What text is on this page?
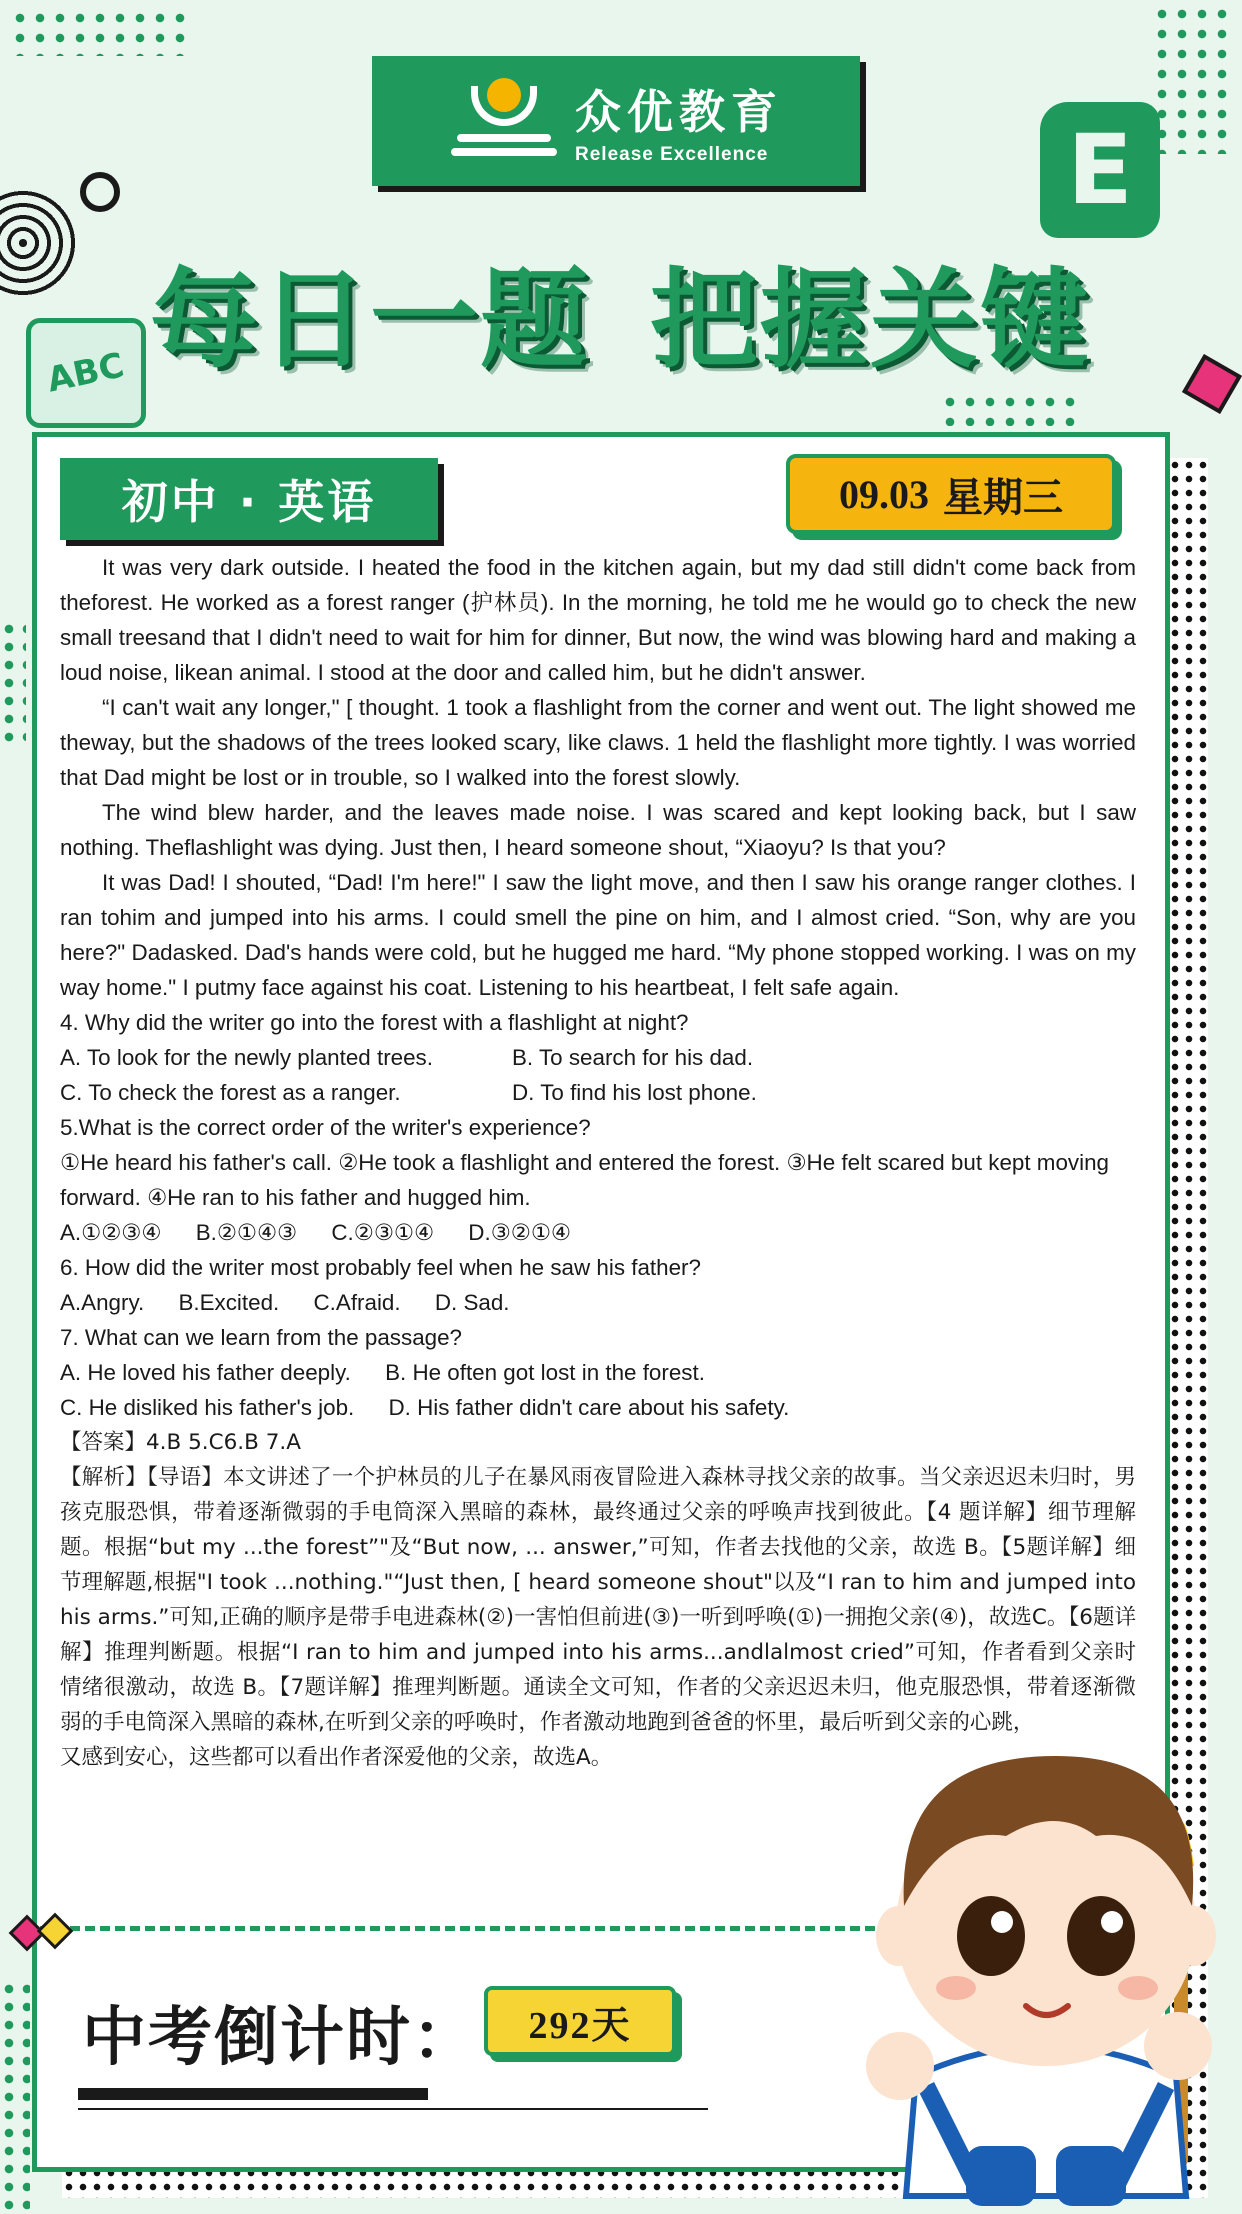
ABC
E
众优教育
Release Excellence
每日一题 把握关键
初中 · 英语	09.03 星期三

It was very dark outside. I heated the food in the kitchen again, but my dad still didn't come back from theforest. He worked as a forest ranger (护林员). In the morning, he told me he would go to check the new small treesand that I didn't need to wait for him for dinner, But now, the wind was blowing hard and making a loud noise, likean animal. I stood at the door and called him, but he didn't answer.

“I can't wait any longer," [ thought. 1 took a flashlight from the corner and went out. The light showed me theway, but the shadows of the trees looked scary, like claws. 1 held the flashlight more tightly. I was worried that Dad might be lost or in trouble, so I walked into the forest slowly.

The wind blew harder, and the leaves made noise. I was scared and kept looking back, but I saw nothing. Theflashlight was dying. Just then, I heard someone shout, “Xiaoyu? Is that you?

It was Dad! I shouted, “Dad! I'm here!" I saw the light move, and then I saw his orange ranger clothes. I ran tohim and jumped into his arms. I could smell the pine on him, and I almost cried. “Son, why are you here?" Dadasked. Dad's hands were cold, but he hugged me hard. “My phone stopped working. I was on my way home." I putmy face against his coat. Listening to his heartbeat, I felt safe again.

4. Why did the writer go into the forest with a flashlight at night?

A. To look for the newly planted trees.	B. To search for his dad.
C. To check the forest as a ranger.	D. To find his lost phone.

5.What is the correct order of the writer's experience?

①He heard his father's call. ②He took a flashlight and entered the forest. ③He felt scared but kept moving forward. ④He ran to his father and hugged him.

A.①②③④ B.②①④③ C.②③①④ D.③②①④

6. How did the writer most probably feel when he saw his father?

A.Angry. B.Excited. C.Afraid. D. Sad.

7. What can we learn from the passage?

A. He loved his father deeply. B. He often got lost in the forest.

C. He disliked his father's job. D. His father didn't care about his safety.

【答案】4.B 5.C6.B 7.A

【解析】【导语】本文讲述了一个护林员的儿子在暴风雨夜冒险进入森林寻找父亲的故事。当父亲迟迟未归时，男孩克服恐惧，带着逐渐微弱的手电筒深入黑暗的森林，最终通过父亲的呼唤声找到彼此。【4 题详解】细节理解题。根据“but my ...the forest”"及“But now, ... answer,”可知，作者去找他的父亲，故选 B。【5题详解】细节理解题,根据"I took ...nothing."“Just then, [ heard someone shout"以及“I ran to him and jumped into his arms.”可知,正确的顺序是带手电进森林(②)一害怕但前进(③)一听到呼唤(①)一拥抱父亲(④)，故选C。【6题详解】推理判断题。根据“I ran to him and jumped into his arms...andlalmost cried”可知，作者看到父亲时情绪很激动，故选 B。【7题详解】推理判断题。通读全文可知，作者的父亲迟迟未归，他克服恐惧，带着逐渐微弱的手电筒深入黑暗的森林,在听到父亲的呼唤时，作者激动地跑到爸爸的怀里，最后听到父亲的心跳，

又感到安心，这些都可以看出作者深爱他的父亲，故选A。

中考倒计时：	292天
